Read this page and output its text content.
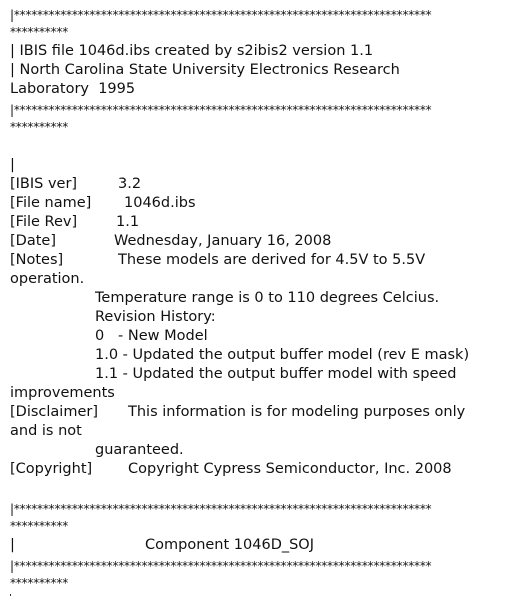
|************************************************************************
**********
| IBIS file 1046d.ibs created by s2ibis2 version 1.1
| North Carolina State University Electronics Research
Laboratory  1995
|************************************************************************
**********
|
[IBIS ver]	3.2
[File name]	1046d.ibs
[File Rev]	1.1
[Date]	Wednesday, January 16, 2008
[Notes]	These models are derived for 4.5V to 5.5V
operation.
Temperature range is 0 to 110 degrees Celcius.
Revision History:
0   - New Model
1.0 - Updated the output buffer model (rev E mask)
1.1 - Updated the output buffer model with speed
improvements
[Disclaimer]	This information is for modeling purposes only
and is not
guaranteed.
[Copyright]	Copyright Cypress Semiconductor, Inc. 2008
|************************************************************************
**********
|	Component 1046D_SOJ
|************************************************************************
**********
